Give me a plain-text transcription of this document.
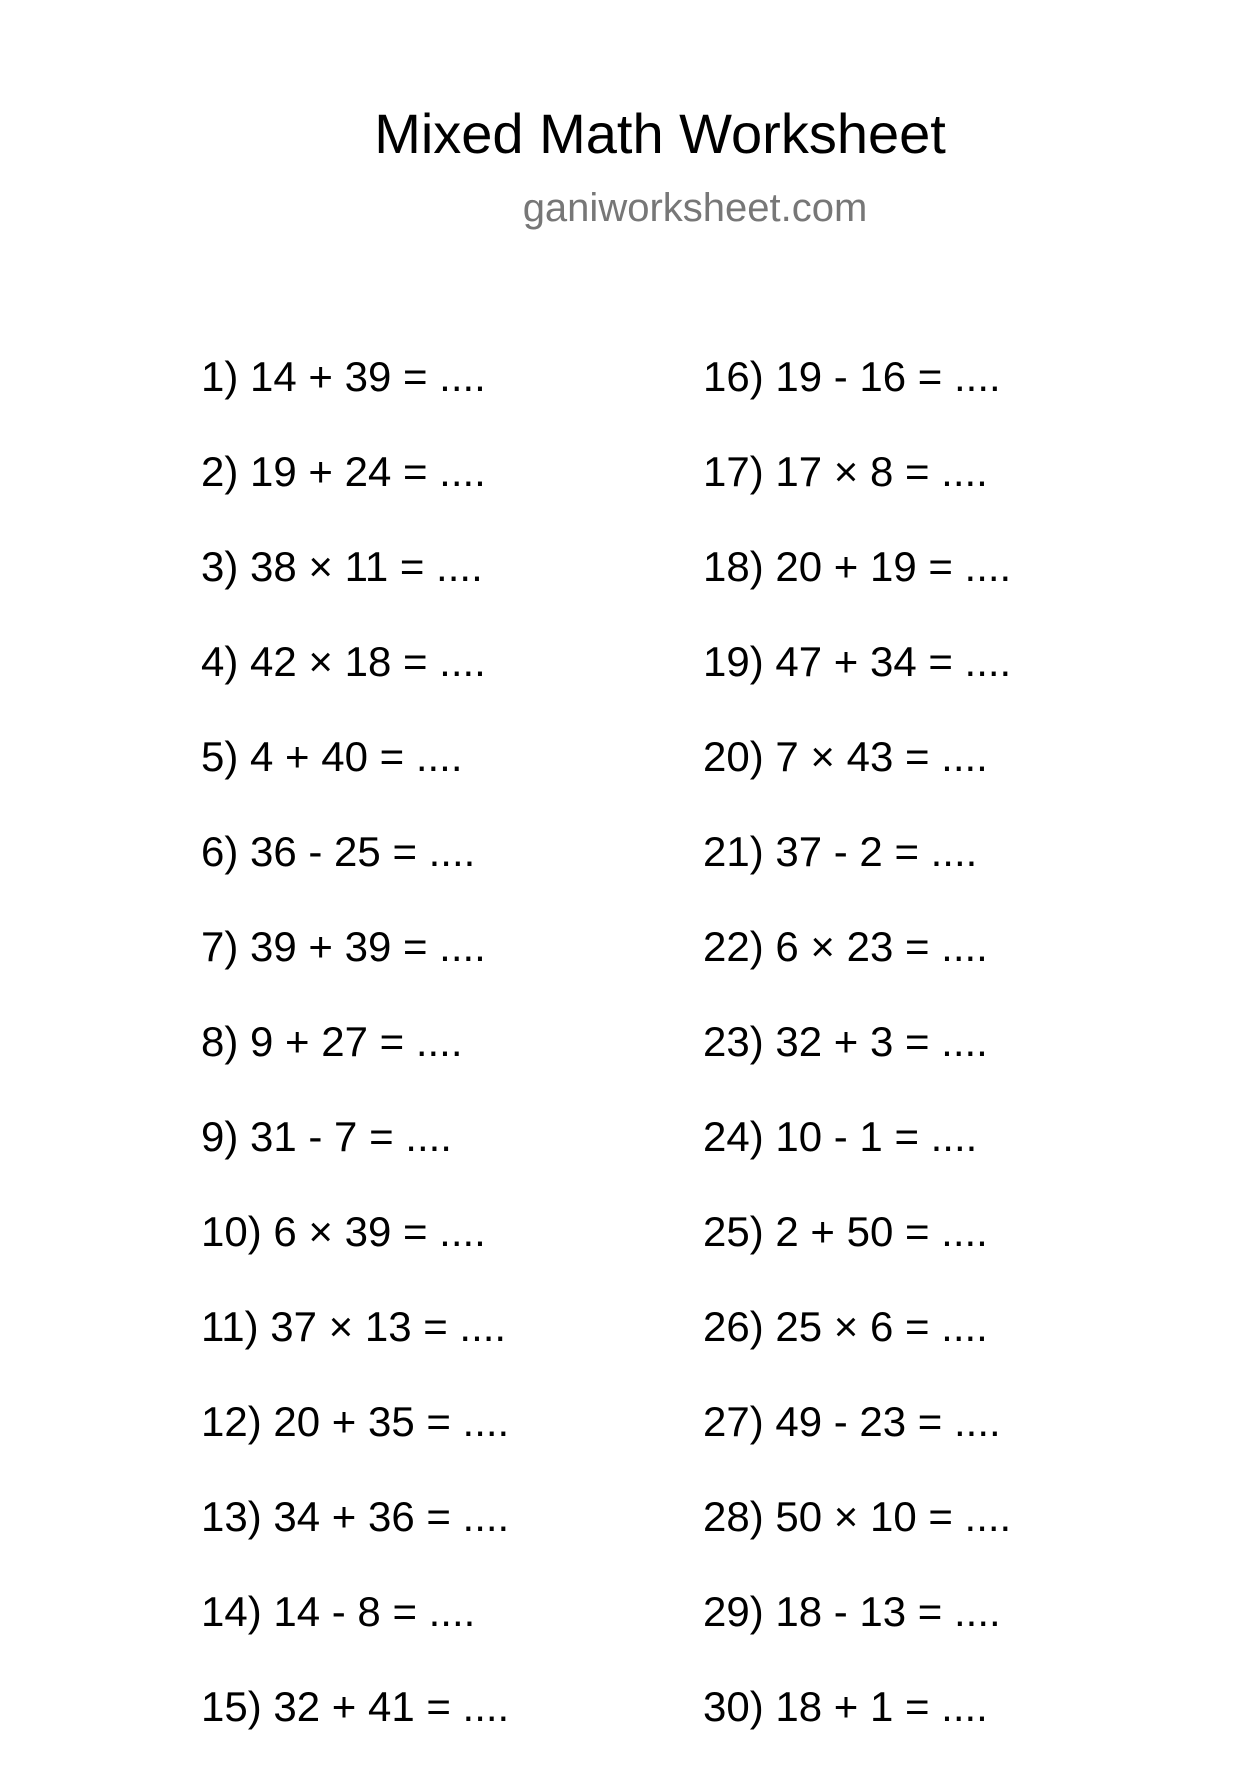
Mixed Math Worksheet
ganiworksheet.com
1) 14 + 39 = ....
2) 19 + 24 = ....
3) 38 × 11 = ....
4) 42 × 18 = ....
5) 4 + 40 = ....
6) 36 - 25 = ....
7) 39 + 39 = ....
8) 9 + 27 = ....
9) 31 - 7 = ....
10) 6 × 39 = ....
11) 37 × 13 = ....
12) 20 + 35 = ....
13) 34 + 36 = ....
14) 14 - 8 = ....
15) 32 + 41 = ....
16) 19 - 16 = ....
17) 17 × 8 = ....
18) 20 + 19 = ....
19) 47 + 34 = ....
20) 7 × 43 = ....
21) 37 - 2 = ....
22) 6 × 23 = ....
23) 32 + 3 = ....
24) 10 - 1 = ....
25) 2 + 50 = ....
26) 25 × 6 = ....
27) 49 - 23 = ....
28) 50 × 10 = ....
29) 18 - 13 = ....
30) 18 + 1 = ....
